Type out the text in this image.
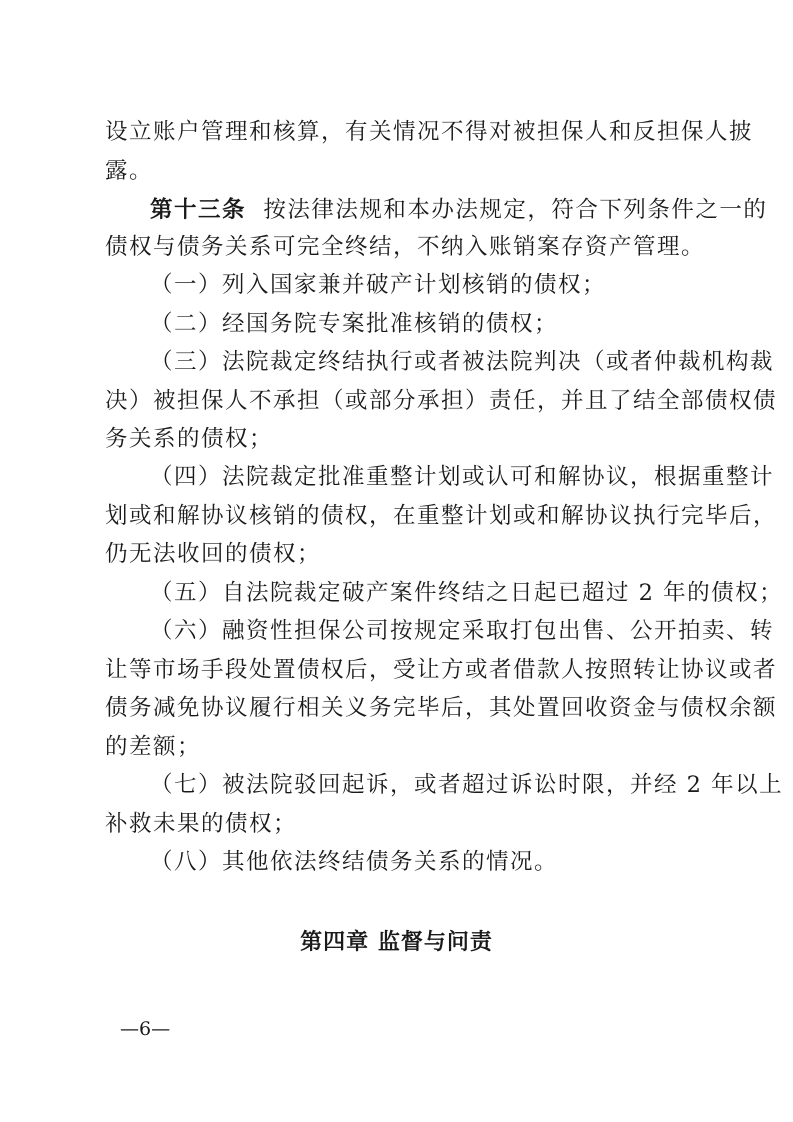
设立账户管理和核算，有关情况不得对被担保人和反担保人披
露。
第十三条 按法律法规和本办法规定，符合下列条件之一的
债权与债务关系可完全终结，不纳入账销案存资产管理。
（一）列入国家兼并破产计划核销的债权；
（二）经国务院专案批准核销的债权；
（三）法院裁定终结执行或者被法院判决（或者仲裁机构裁
决）被担保人不承担（或部分承担）责任，并且了结全部债权债
务关系的债权；
（四）法院裁定批准重整计划或认可和解协议，根据重整计
划或和解协议核销的债权，在重整计划或和解协议执行完毕后，
仍无法收回的债权；
（五）自法院裁定破产案件终结之日起已超过 2 年的债权；
（六）融资性担保公司按规定采取打包出售、公开拍卖、转
让等市场手段处置债权后，受让方或者借款人按照转让协议或者
债务减免协议履行相关义务完毕后，其处置回收资金与债权余额
的差额；
（七）被法院驳回起诉，或者超过诉讼时限，并经 2 年以上
补救未果的债权；
（八）其他依法终结债务关系的情况。
第四章 监督与问责
—6—
